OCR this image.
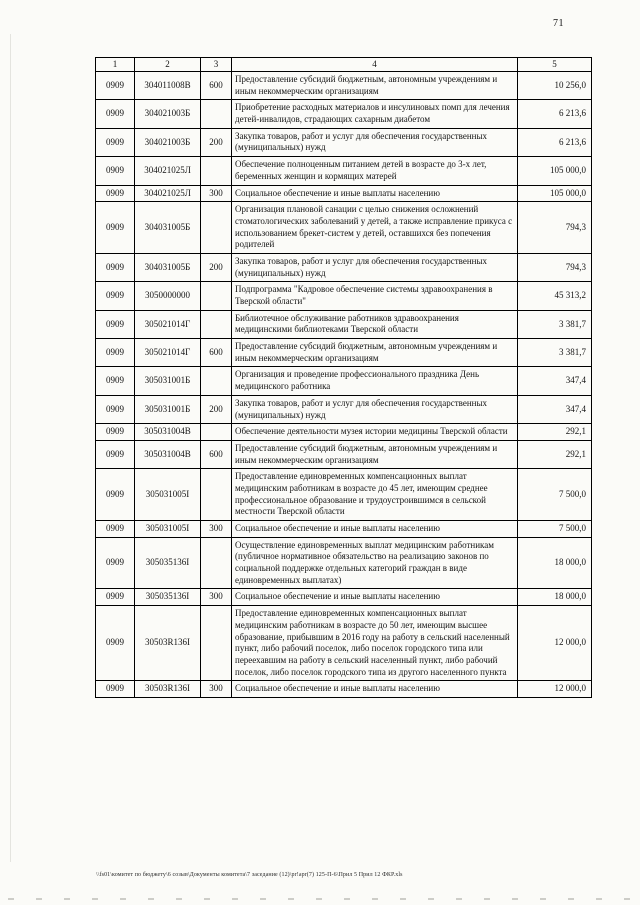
71
1	2	3	4	5
0909	304011008В	600	Предоставление субсидий бюджетным, автономным учреждениям и иным некоммерческим организациям	10 256,0
0909	304021003Б		Приобретение расходных материалов и инсулиновых помп для лечения детей-инвалидов, страдающих сахарным диабетом	6 213,6
0909	304021003Б	200	Закупка товаров, работ и услуг для обеспечения государственных (муниципальных) нужд	6 213,6
0909	304021025Л		Обеспечение полноценным питанием детей в возрасте до 3-х лет, беременных женщин и кормящих матерей	105 000,0
0909	304021025Л	300	Социальное обеспечение и иные выплаты населению	105 000,0
0909	304031005Б		Организация плановой санации с целью снижения осложнений стоматологических заболеваний у детей, а также исправление прикуса с использованием брекет-систем у детей, оставшихся без попечения родителей	794,3
0909	304031005Б	200	Закупка товаров, работ и услуг для обеспечения государственных (муниципальных) нужд	794,3
0909	3050000000		Подпрограмма "Кадровое обеспечение системы здравоохранения в Тверской области"	45 313,2
0909	305021014Г		Библиотечное обслуживание работников здравоохранения медицинскими библиотеками Тверской области	3 381,7
0909	305021014Г	600	Предоставление субсидий бюджетным, автономным учреждениям и иным некоммерческим организациям	3 381,7
0909	305031001Б		Организация и проведение профессионального праздника День медицинского работника	347,4
0909	305031001Б	200	Закупка товаров, работ и услуг для обеспечения государственных (муниципальных) нужд	347,4
0909	305031004В		Обеспечение деятельности музея истории медицины Тверской области	292,1
0909	305031004В	600	Предоставление субсидий бюджетным, автономным учреждениям и иным некоммерческим организациям	292,1
0909	305031005I		Предоставление единовременных компенсационных выплат медицинским работникам в возрасте до 45 лет, имеющим среднее профессиональное образование и трудоустроившимся в сельской местности Тверской области	7 500,0
0909	305031005I	300	Социальное обеспечение и иные выплаты населению	7 500,0
0909	305035136I		Осуществление единовременных выплат медицинским работникам (публичное нормативное обязательство на реализацию законов по социальной поддержке отдельных категорий граждан в виде единовременных выплатах)	18 000,0
0909	305035136I	300	Социальное обеспечение и иные выплаты населению	18 000,0
0909	30503R136I		Предоставление единовременных компенсационных выплат медицинским работникам в возрасте до 50 лет, имеющим высшее образование, прибывшим в 2016 году на работу в сельский населенный пункт, либо рабочий поселок, либо поселок городского типа или переехавшим на работу в сельский населенный пункт, либо рабочий поселок, либо поселок городского типа из другого населенного пункта	12 000,0
0909	30503R136I	300	Социальное обеспечение и иные выплаты населению	12 000,0
\\fs01\комитет по бюджету\6 созыв\Документы комитета\7 заседание (12)\pr!apr(7) 125-П-6\Прил 5 Прил 12 ФКР.xls
